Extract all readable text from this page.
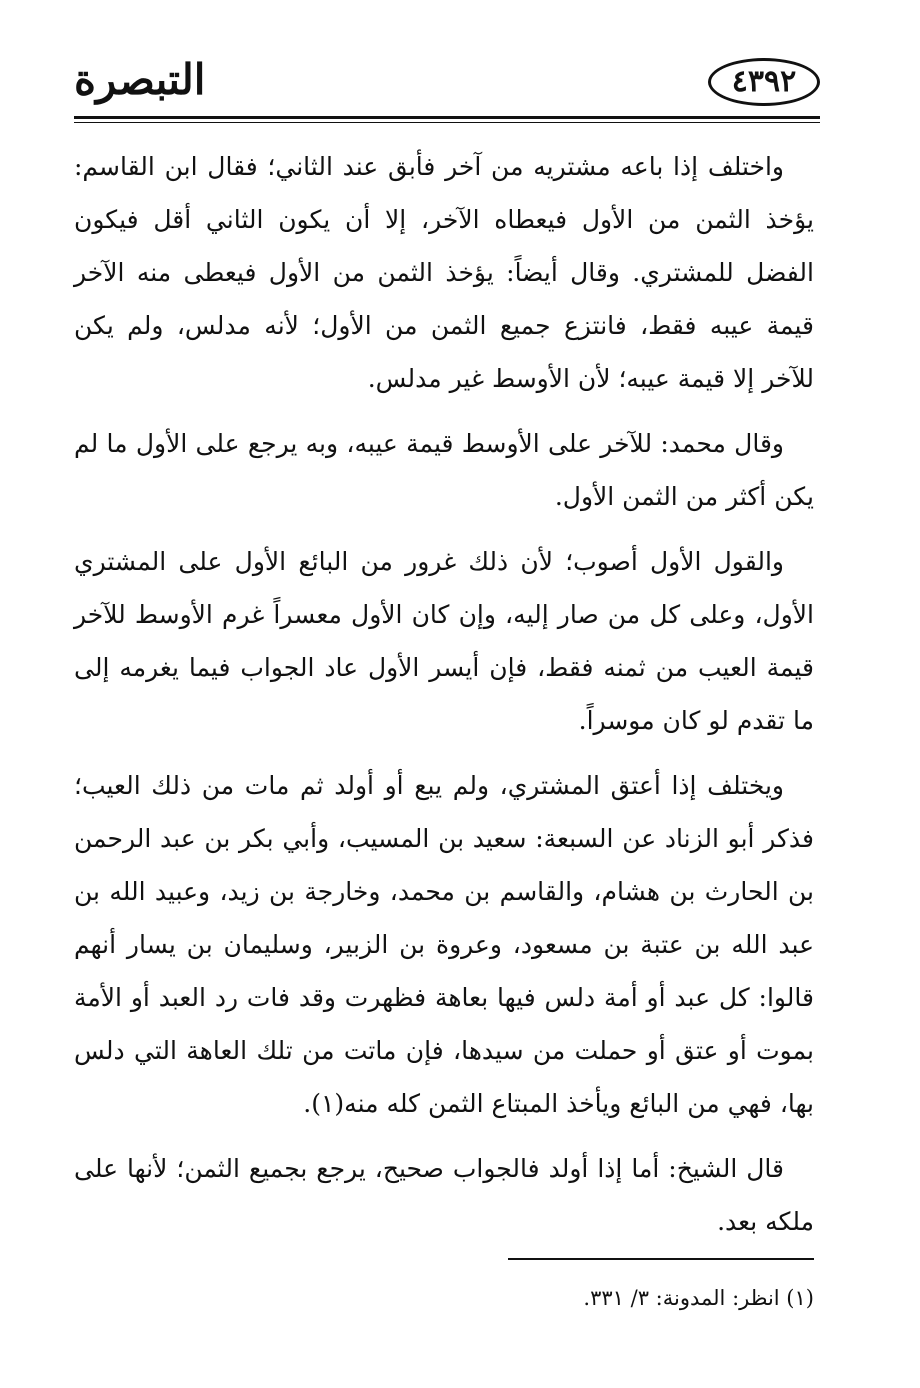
التبصرة	٤٣٩٢

واختلف إذا باعه مشتريه من آخر فأبق عند الثاني؛ فقال ابن القاسم: يؤخذ الثمن من الأول فيعطاه الآخر، إلا أن يكون الثاني أقل فيكون الفضل للمشتري. وقال أيضاً: يؤخذ الثمن من الأول فيعطى منه الآخر قيمة عيبه فقط، فانتزع جميع الثمن من الأول؛ لأنه مدلس، ولم يكن للآخر إلا قيمة عيبه؛ لأن الأوسط غير مدلس.

وقال محمد: للآخر على الأوسط قيمة عيبه، وبه يرجع على الأول ما لم يكن أكثر من الثمن الأول.

والقول الأول أصوب؛ لأن ذلك غرور من البائع الأول على المشتري الأول، وعلى كل من صار إليه، وإن كان الأول معسراً غرم الأوسط للآخر قيمة العيب من ثمنه فقط، فإن أيسر الأول عاد الجواب فيما يغرمه إلى ما تقدم لو كان موسراً.

ويختلف إذا أعتق المشتري، ولم يبع أو أولد ثم مات من ذلك العيب؛ فذكر أبو الزناد عن السبعة: سعيد بن المسيب، وأبي بكر بن عبد الرحمن بن الحارث بن هشام، والقاسم بن محمد، وخارجة بن زيد، وعبيد الله بن عبد الله بن عتبة بن مسعود، وعروة بن الزبير، وسليمان بن يسار أنهم قالوا: كل عبد أو أمة دلس فيها بعاهة فظهرت وقد فات رد العبد أو الأمة بموت أو عتق أو حملت من سيدها، فإن ماتت من تلك العاهة التي دلس بها، فهي من البائع ويأخذ المبتاع الثمن كله منه(١).

قال الشيخ: أما إذا أولد فالجواب صحيح، يرجع بجميع الثمن؛ لأنها على ملكه بعد.

(١) انظر: المدونة: ٣/ ٣٣١.
